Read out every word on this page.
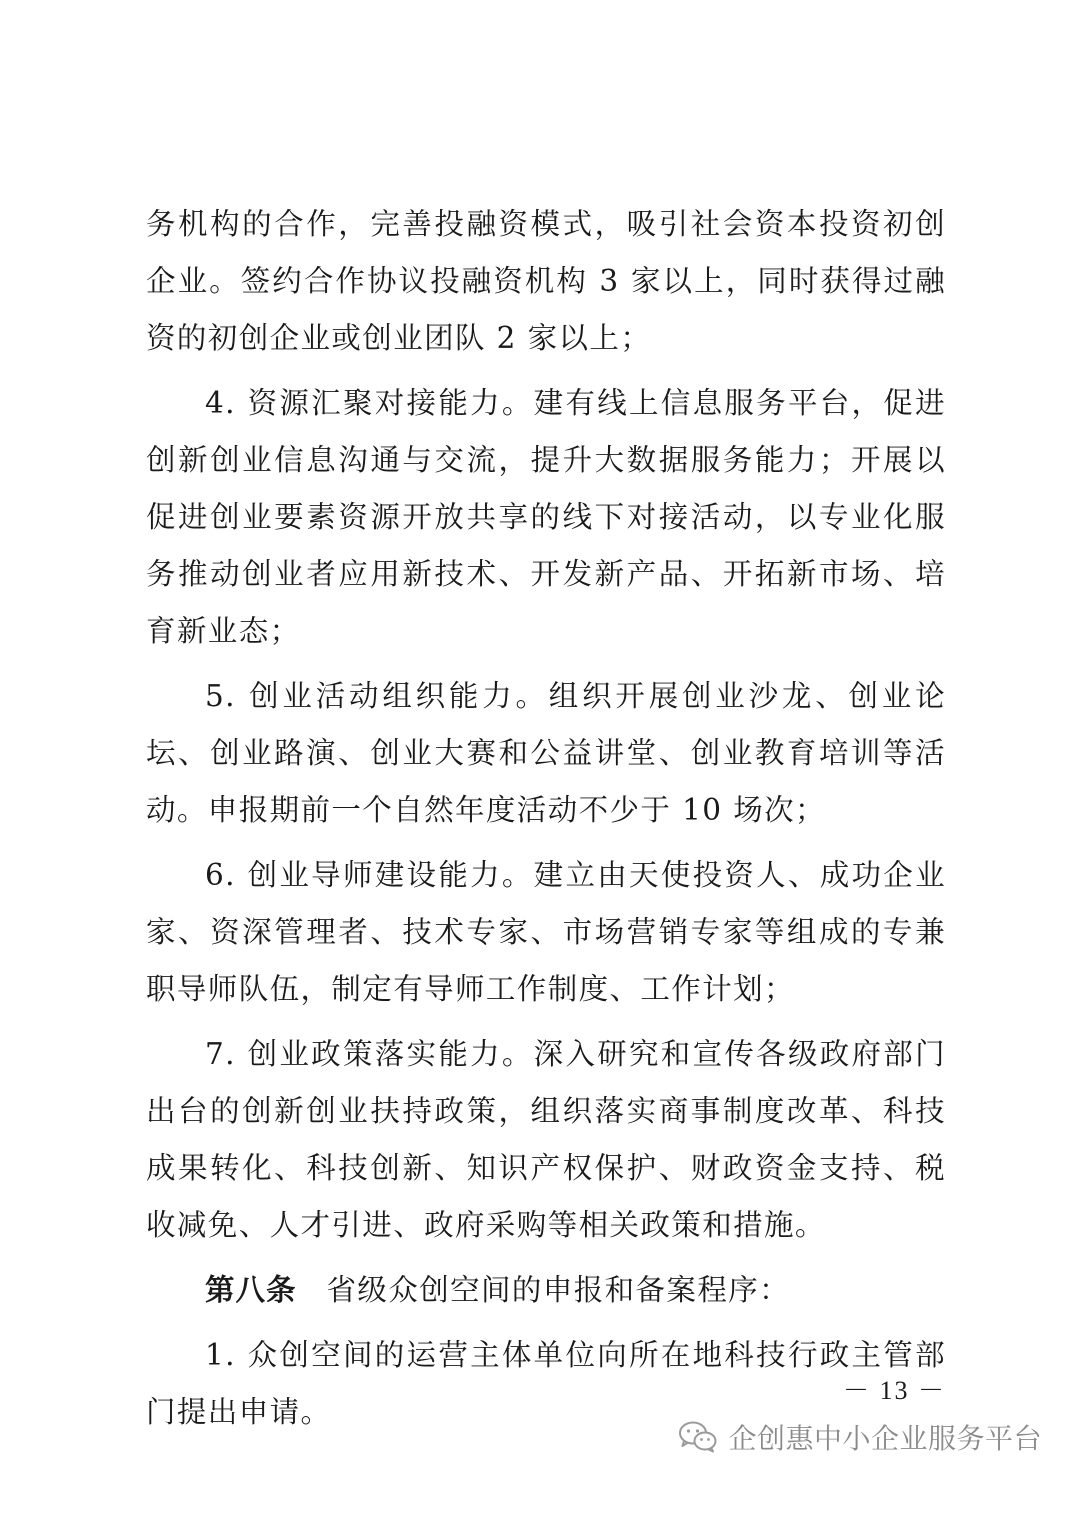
务机构的合作，完善投融资模式，吸引社会资本投资初创企业。签约合作协议投融资机构 3 家以上，同时获得过融资的初创企业或创业团队 2 家以上；

4. 资源汇聚对接能力。建有线上信息服务平台，促进创新创业信息沟通与交流，提升大数据服务能力；开展以促进创业要素资源开放共享的线下对接活动，以专业化服务推动创业者应用新技术、开发新产品、开拓新市场、培育新业态；

5. 创业活动组织能力。组织开展创业沙龙、创业论坛、创业路演、创业大赛和公益讲堂、创业教育培训等活动。申报期前一个自然年度活动不少于 10 场次；

6. 创业导师建设能力。建立由天使投资人、成功企业家、资深管理者、技术专家、市场营销专家等组成的专兼职导师队伍，制定有导师工作制度、工作计划；

7. 创业政策落实能力。深入研究和宣传各级政府部门出台的创新创业扶持政策，组织落实商事制度改革、科技成果转化、科技创新、知识产权保护、财政资金支持、税收减免、人才引进、政府采购等相关政策和措施。

第八条 省级众创空间的申报和备案程序：

1. 众创空间的运营主体单位向所在地科技行政主管部门提出申请。

－ 13 －
企创惠中小企业服务平台
